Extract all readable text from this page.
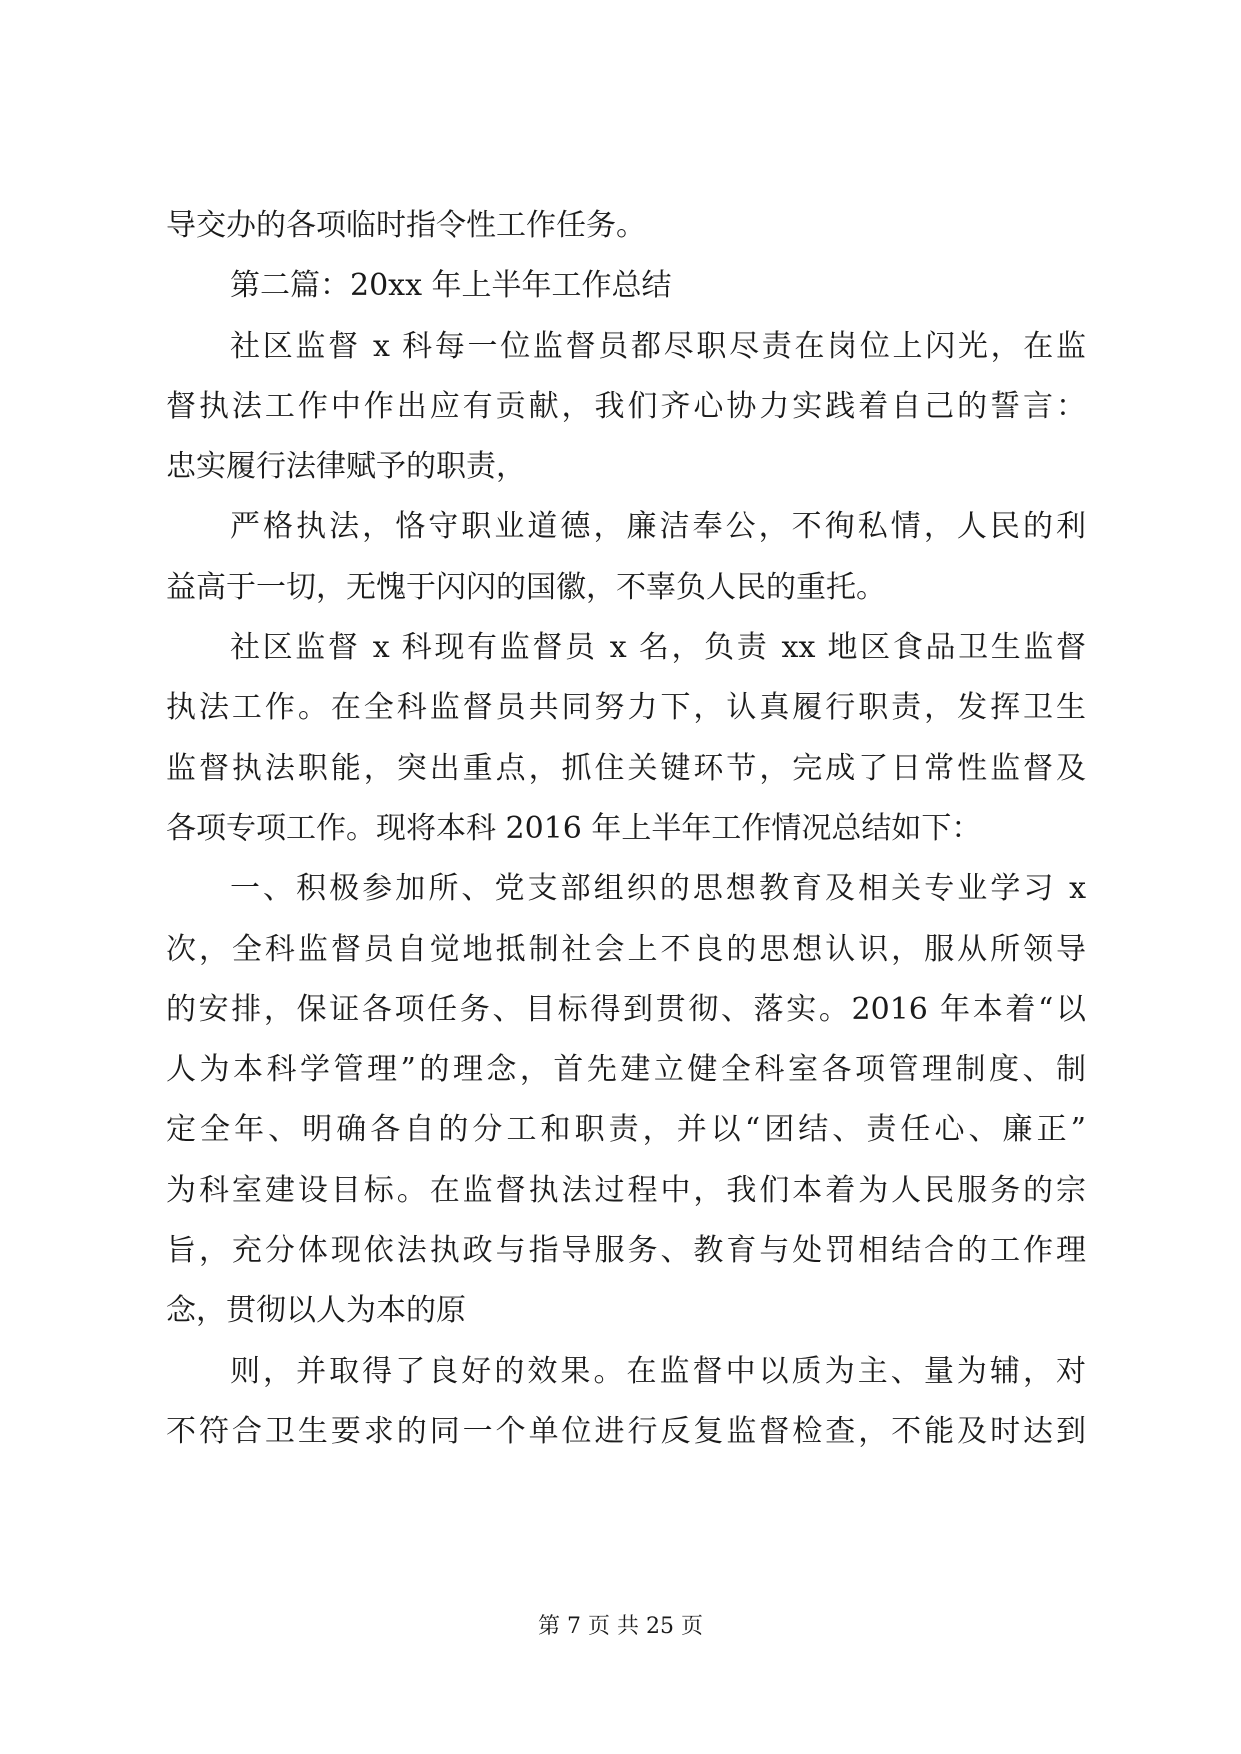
导交办的各项临时指令性工作任务。
第二篇：20xx 年上半年工作总结
社区监督 x 科每一位监督员都尽职尽责在岗位上闪光，在监
督执法工作中作出应有贡献，我们齐心协力实践着自己的誓言：
忠实履行法律赋予的职责，
严格执法，恪守职业道德，廉洁奉公，不徇私情，人民的利
益高于一切，无愧于闪闪的国徽，不辜负人民的重托。
社区监督 x 科现有监督员 x 名，负责 xx 地区食品卫生监督
执法工作。在全科监督员共同努力下，认真履行职责，发挥卫生
监督执法职能，突出重点，抓住关键环节，完成了日常性监督及
各项专项工作。现将本科 2016 年上半年工作情况总结如下：
一、积极参加所、党支部组织的思想教育及相关专业学习 x
次，全科监督员自觉地抵制社会上不良的思想认识，服从所领导
的安排，保证各项任务、目标得到贯彻、落实。2016 年本着“以
人为本科学管理”的理念，首先建立健全科室各项管理制度、制
定全年、明确各自的分工和职责，并以“团结、责任心、廉正”
为科室建设目标。在监督执法过程中，我们本着为人民服务的宗
旨，充分体现依法执政与指导服务、教育与处罚相结合的工作理
念，贯彻以人为本的原
则，并取得了良好的效果。在监督中以质为主、量为辅，对
不符合卫生要求的同一个单位进行反复监督检查，不能及时达到
第 7 页 共 25 页
